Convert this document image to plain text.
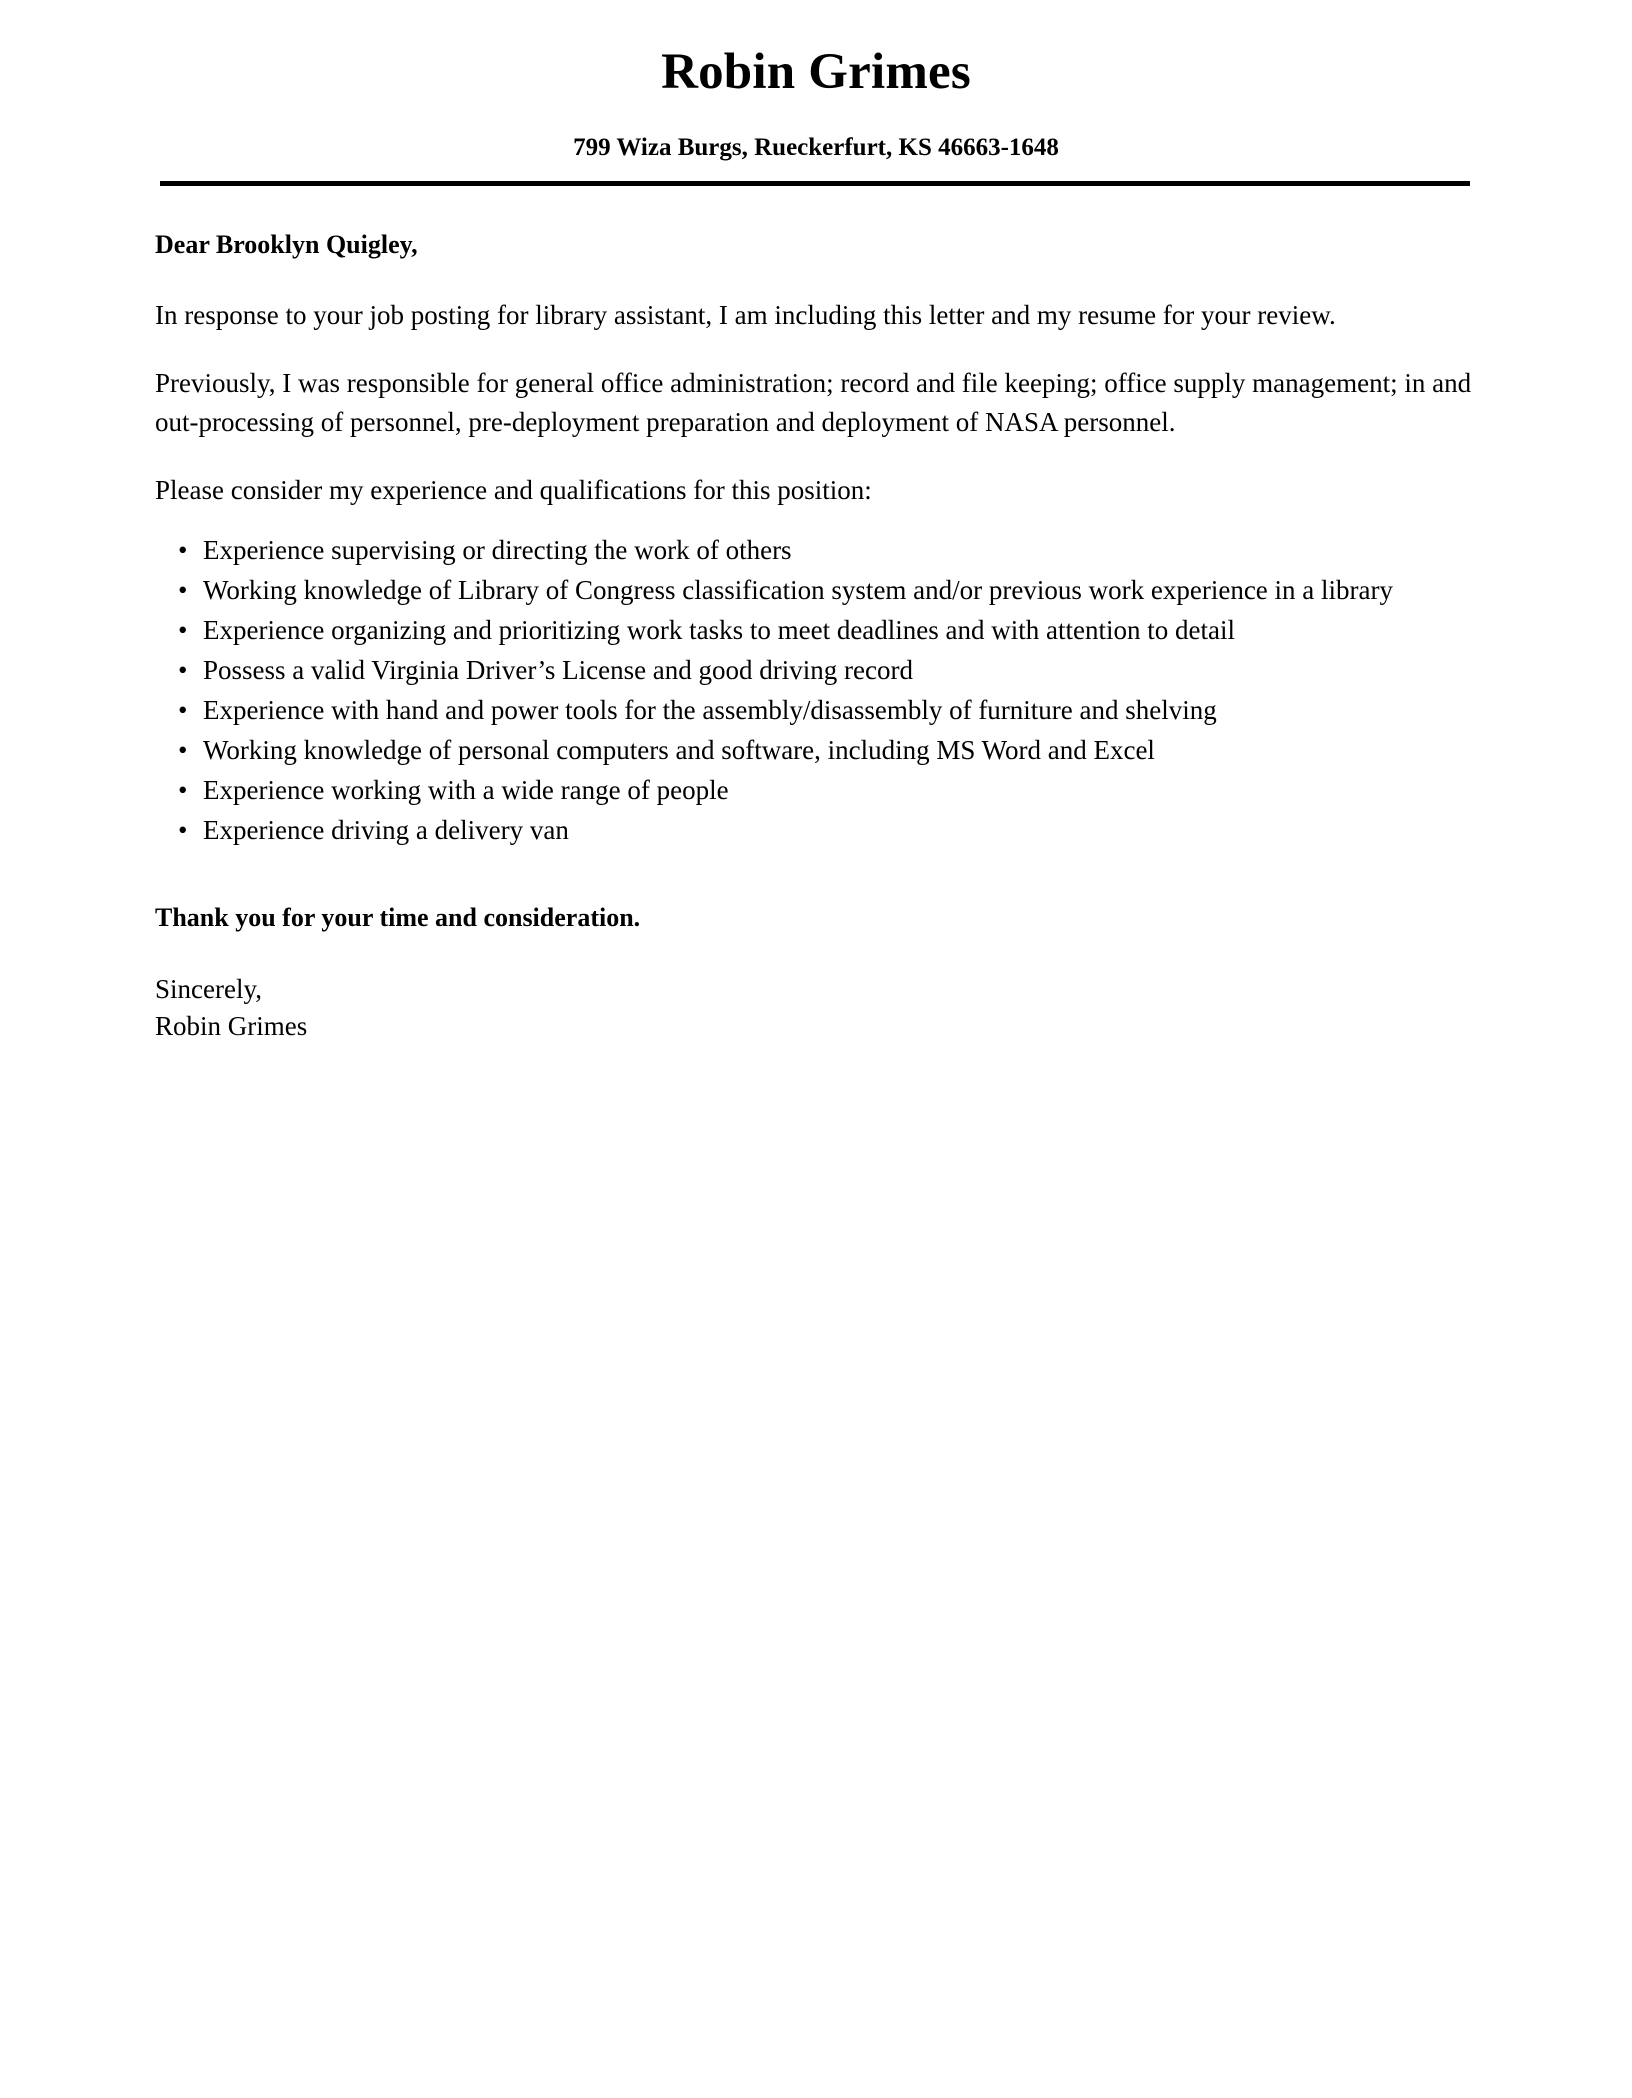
Robin Grimes
799 Wiza Burgs, Rueckerfurt, KS 46663-1648
Dear Brooklyn Quigley,

In response to your job posting for library assistant, I am including this letter and my resume for your review.

Previously, I was responsible for general office administration; record and file keeping; office supply management; in and out-processing of personnel, pre-deployment preparation and deployment of NASA personnel.

Please consider my experience and qualifications for this position:

• Experience supervising or directing the work of others
• Working knowledge of Library of Congress classification system and/or previous work experience in a library
• Experience organizing and prioritizing work tasks to meet deadlines and with attention to detail
• Possess a valid Virginia Driver’s License and good driving record
• Experience with hand and power tools for the assembly/disassembly of furniture and shelving
• Working knowledge of personal computers and software, including MS Word and Excel
• Experience working with a wide range of people
• Experience driving a delivery van
Thank you for your time and consideration.
Sincerely,
Robin Grimes
